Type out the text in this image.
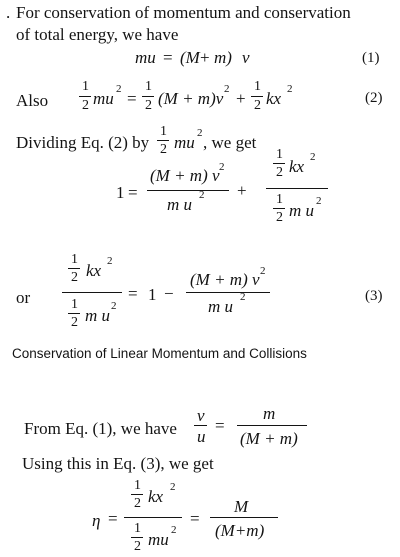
. For conservation of momentum and conservation
of total energy, we have
mu = (M + m) v	(1)
Also
1
2 mu 2 =
1
2 (M + m)v 2 +
1
2 kx 2
(2)
Dividing Eq. (2) by
1
2 mu 2 , we get
1 =
(M + m) v 2
m u 2 +
1
2 kx 2
1
2 m u 2
or
1
2 kx 2
1
2 m u 2
= 1 −
(M + m) v 2
m u 2	(3)
Conservation of Linear Momentum and Collisions
From Eq. (1), we have
v
u
=
m
(M + m)
Using this in Eq. (3), we get
η =
1
2 kx 2
1
2 mu 2
=
M
(M+m)
